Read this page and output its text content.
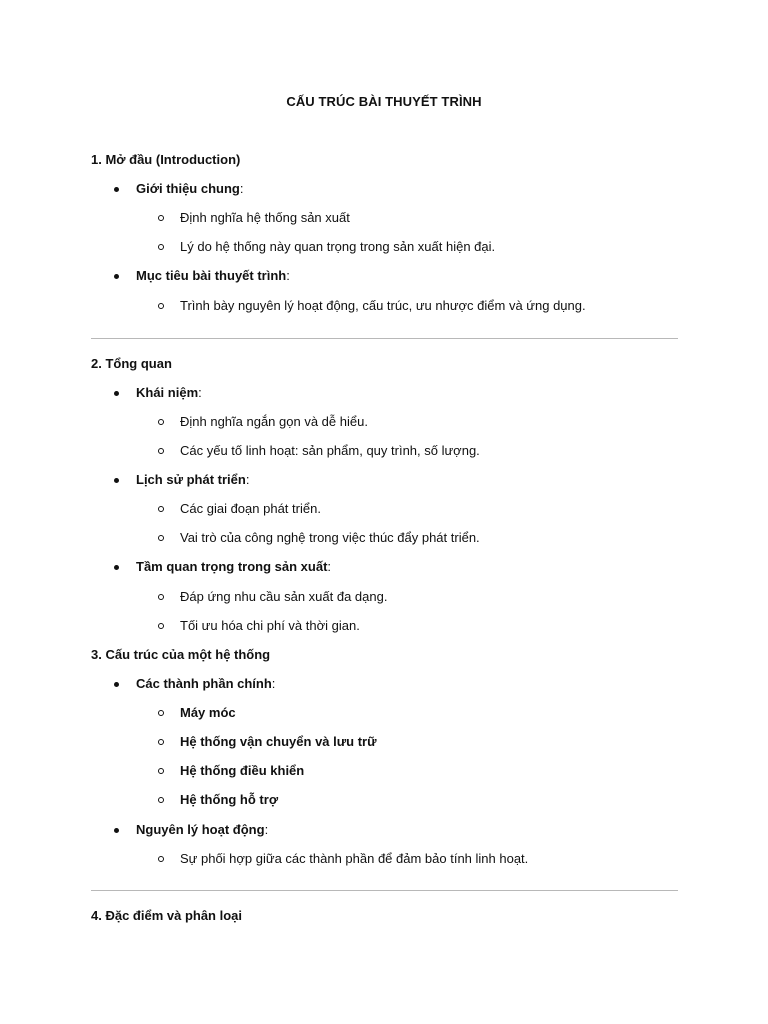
CẤU TRÚC BÀI THUYẾT TRÌNH
1. Mở đầu (Introduction)
Giới thiệu chung:
Định nghĩa hệ thống sản xuất
Lý do hệ thống này quan trọng trong sản xuất hiện đại.
Mục tiêu bài thuyết trình:
Trình bày nguyên lý hoạt động, cấu trúc, ưu nhược điểm và ứng dụng.
2. Tổng quan
Khái niệm:
Định nghĩa ngắn gọn và dễ hiểu.
Các yếu tố linh hoạt: sản phẩm, quy trình, số lượng.
Lịch sử phát triển:
Các giai đoạn phát triển.
Vai trò của công nghệ trong việc thúc đẩy phát triển.
Tầm quan trọng trong sản xuất:
Đáp ứng nhu cầu sản xuất đa dạng.
Tối ưu hóa chi phí và thời gian.
3. Cấu trúc của một hệ thống
Các thành phần chính:
Máy móc
Hệ thống vận chuyển và lưu trữ
Hệ thống điều khiển
Hệ thống hỗ trợ
Nguyên lý hoạt động:
Sự phối hợp giữa các thành phần để đảm bảo tính linh hoạt.
4. Đặc điểm và phân loại
